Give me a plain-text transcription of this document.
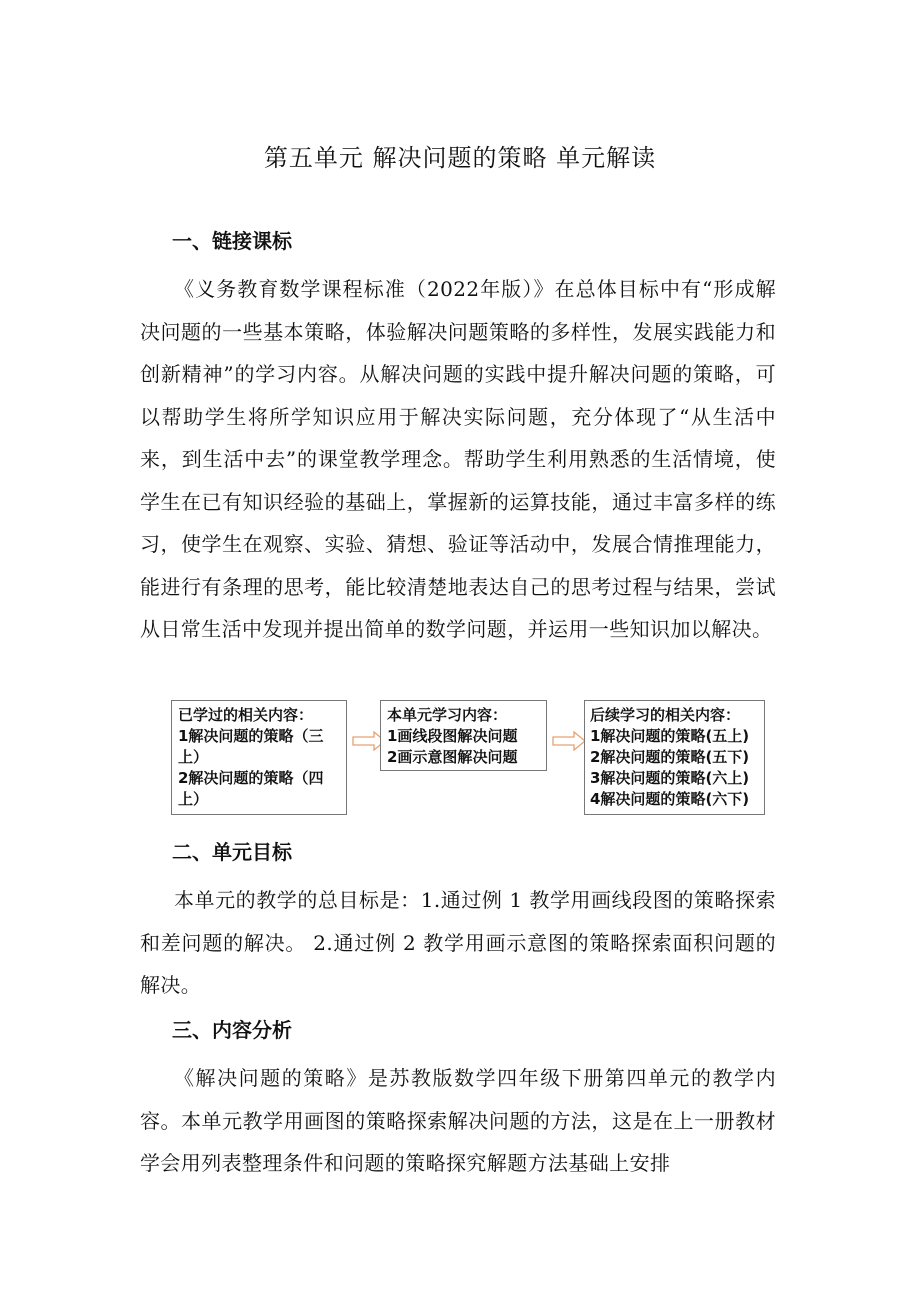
第五单元 解决问题的策略 单元解读
一、链接课标
《义务教育数学课程标准（2022年版）》在总体目标中有“形成解决问题的一些基本策略，体验解决问题策略的多样性，发展实践能力和创新精神”的学习内容。从解决问题的实践中提升解决问题的策略，可以帮助学生将所学知识应用于解决实际问题，充分体现了“从生活中来，到生活中去”的课堂教学理念。帮助学生利用熟悉的生活情境，使学生在已有知识经验的基础上，掌握新的运算技能，通过丰富多样的练习，使学生在观察、实验、猜想、验证等活动中，发展合情推理能力，能进行有条理的思考，能比较清楚地表达自己的思考过程与结果，尝试从日常生活中发现并提出简单的数学问题，并运用一些知识加以解决。
已学过的相关内容：
1解决问题的策略（三
上）
2解决问题的策略（四
上）
本单元学习内容：
1画线段图解决问题
2画示意图解决问题
后续学习的相关内容：
1解决问题的策略(五上)
2解决问题的策略(五下)
3解决问题的策略(六上)
4解决问题的策略(六下)
二、单元目标
本单元的教学的总目标是：1.通过例 1 教学用画线段图的策略探索和差问题的解决。 2.通过例 2 教学用画示意图的策略探索面积问题的解决。
三、内容分析
《解决问题的策略》是苏教版数学四年级下册第四单元的教学内容。本单元教学用画图的策略探索解决问题的方法，这是在上一册教材学会用列表整理条件和问题的策略探究解题方法基础上安排
